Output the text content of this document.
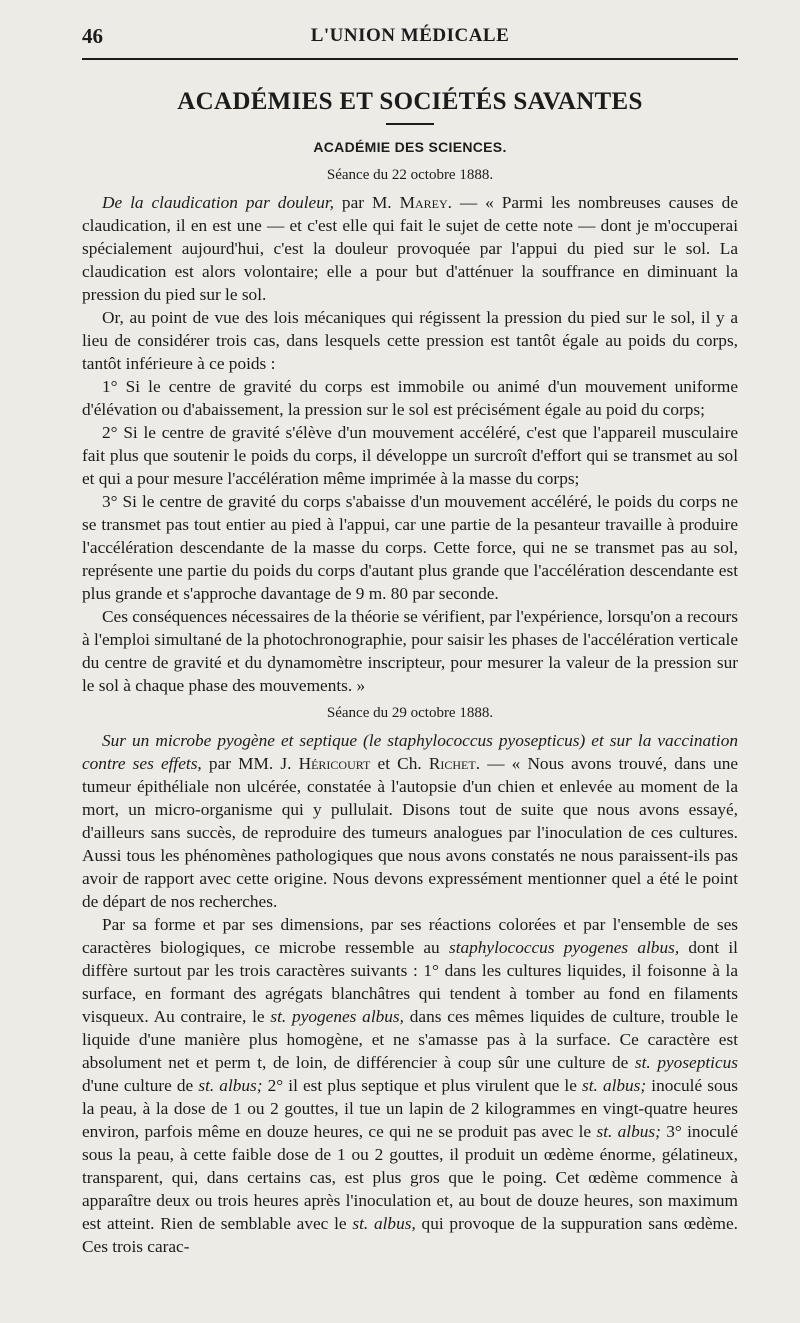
46	L'UNION MÉDICALE
ACADÉMIES ET SOCIÉTÉS SAVANTES
ACADÉMIE DES SCIENCES.
Séance du 22 octobre 1888.

De la claudication par douleur, par M. Marey. — « Parmi les nombreuses causes de claudication, il en est une — et c'est elle qui fait le sujet de cette note — dont je m'occuperai spécialement aujourd'hui, c'est la douleur provoquée par l'appui du pied sur le sol. La claudication est alors volontaire; elle a pour but d'atténuer la souffrance en diminuant la pression du pied sur le sol.

Or, au point de vue des lois mécaniques qui régissent la pression du pied sur le sol, il y a lieu de considérer trois cas, dans lesquels cette pression est tantôt égale au poids du corps, tantôt inférieure à ce poids :

1° Si le centre de gravité du corps est immobile ou animé d'un mouvement uniforme d'élévation ou d'abaissement, la pression sur le sol est précisément égale au poid du corps;

2° Si le centre de gravité s'élève d'un mouvement accéléré, c'est que l'appareil musculaire fait plus que soutenir le poids du corps, il développe un surcroît d'effort qui se transmet au sol et qui a pour mesure l'accélération même imprimée à la masse du corps;

3° Si le centre de gravité du corps s'abaisse d'un mouvement accéléré, le poids du corps ne se transmet pas tout entier au pied à l'appui, car une partie de la pesanteur travaille à produire l'accélération descendante de la masse du corps. Cette force, qui ne se transmet pas au sol, représente une partie du poids du corps d'autant plus grande que l'accélération descendante est plus grande et s'approche davantage de 9 m. 80 par seconde.

Ces conséquences nécessaires de la théorie se vérifient, par l'expérience, lorsqu'on a recours à l'emploi simultané de la photochronographie, pour saisir les phases de l'accélération verticale du centre de gravité et du dynamomètre inscripteur, pour mesurer la valeur de la pression sur le sol à chaque phase des mouvements. »

Séance du 29 octobre 1888.

Sur un microbe pyogène et septique (le staphylococcus pyosepticus) et sur la vaccination contre ses effets, par MM. J. Héricourt et Ch. Richet. — « Nous avons trouvé, dans une tumeur épithéliale non ulcérée, constatée à l'autopsie d'un chien et enlevée au moment de la mort, un micro-organisme qui y pullulait. Disons tout de suite que nous avons essayé, d'ailleurs sans succès, de reproduire des tumeurs analogues par l'inoculation de ces cultures. Aussi tous les phénomènes pathologiques que nous avons constatés ne nous paraissent-ils pas avoir de rapport avec cette origine. Nous devons expressément mentionner quel a été le point de départ de nos recherches.

Par sa forme et par ses dimensions, par ses réactions colorées et par l'ensemble de ses caractères biologiques, ce microbe ressemble au staphylococcus pyogenes albus, dont il diffère surtout par les trois caractères suivants : 1° dans les cultures liquides, il foisonne à la surface, en formant des agrégats blanchâtres qui tendent à tomber au fond en filaments visqueux. Au contraire, le st. pyogenes albus, dans ces mêmes liquides de culture, trouble le liquide d'une manière plus homogène, et ne s'amasse pas à la surface. Ce caractère est absolument net et perm t, de loin, de différencier à coup sûr une culture de st. pyosepticus d'une culture de st. albus; 2° il est plus septique et plus virulent que le st. albus; inoculé sous la peau, à la dose de 1 ou 2 gouttes, il tue un lapin de 2 kilogrammes en vingt-quatre heures environ, parfois même en douze heures, ce qui ne se produit pas avec le st. albus; 3° inoculé sous la peau, à cette faible dose de 1 ou 2 gouttes, il produit un œdème énorme, gélatineux, transparent, qui, dans certains cas, est plus gros que le poing. Cet œdème commence à apparaître deux ou trois heures après l'inoculation et, au bout de douze heures, son maximum est atteint. Rien de semblable avec le st. albus, qui provoque de la suppuration sans œdème. Ces trois carac-
